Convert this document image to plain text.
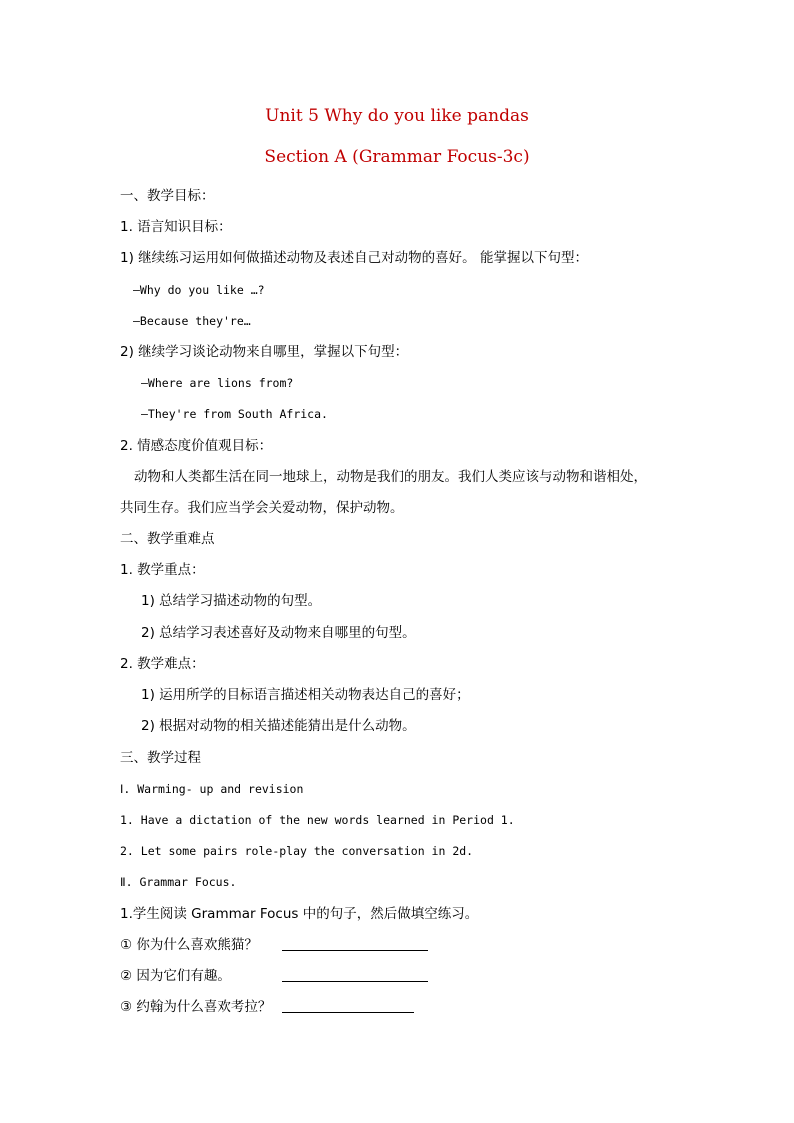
Unit 5 Why do you like pandas
Section A (Grammar Focus-3c)
一、教学目标：
1. 语言知识目标：
1) 继续练习运用如何做描述动物及表述自己对动物的喜好。 能掌握以下句型：
—Why do you like …?
—Because they're…
2) 继续学习谈论动物来自哪里，掌握以下句型：
—Where are lions from?
—They're from South Africa.
2. 情感态度价值观目标：
动物和人类都生活在同一地球上，动物是我们的朋友。我们人类应该与动物和谐相处，
共同生存。我们应当学会关爱动物，保护动物。
二、教学重难点
1. 教学重点：
1) 总结学习描述动物的句型。
2) 总结学习表述喜好及动物来自哪里的句型。
2. 教学难点：
1) 运用所学的目标语言描述相关动物表达自己的喜好；
2) 根据对动物的相关描述能猜出是什么动物。
三、教学过程
Ⅰ. Warming- up and revision
1. Have a dictation of the new words learned in Period 1.
2. Let some pairs role-play the conversation in 2d.
Ⅱ. Grammar Focus.
1.学生阅读 Grammar Focus 中的句子，然后做填空练习。
① 你为什么喜欢熊猫？
② 因为它们有趣。
③ 约翰为什么喜欢考拉？
